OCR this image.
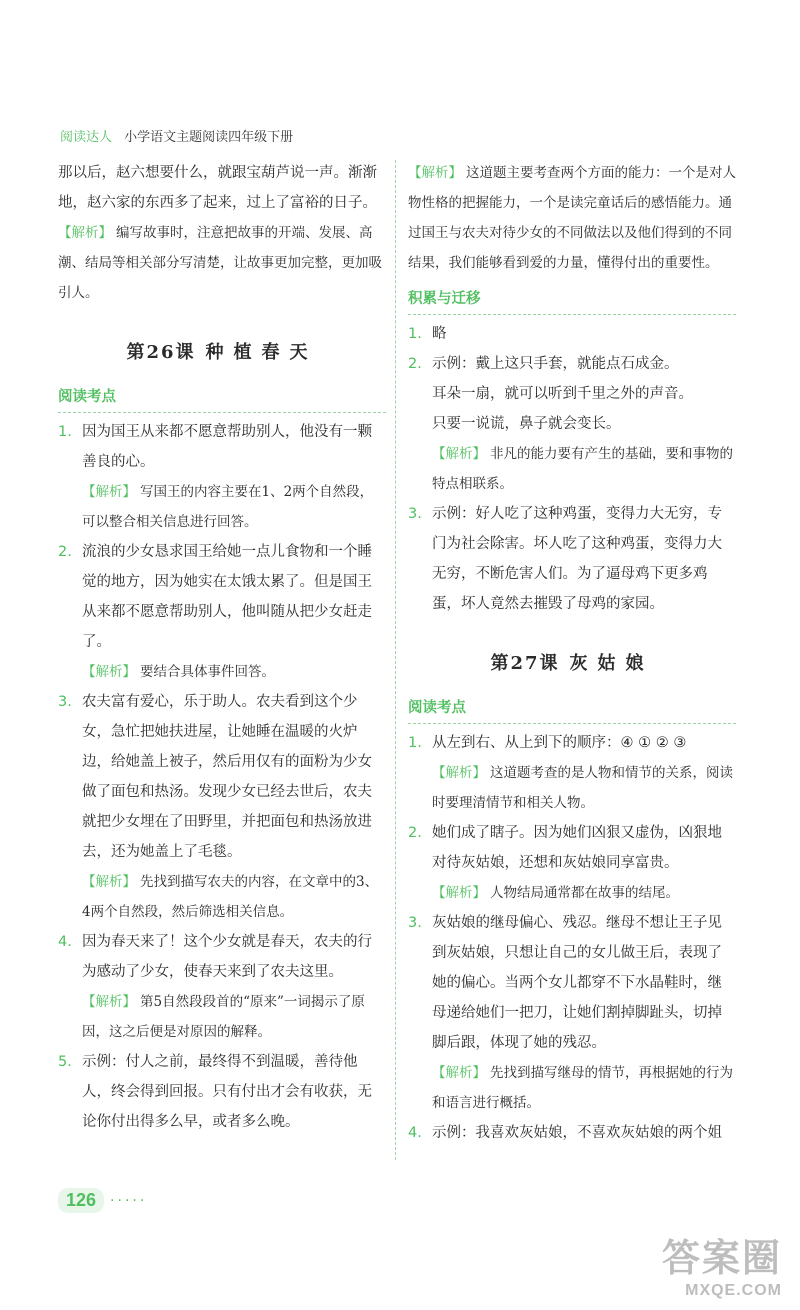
阅读达人 小学语文主题阅读四年级下册

那以后，赵六想要什么，就跟宝葫芦说一声。渐渐地，赵六家的东西多了起来，过上了富裕的日子。

【解析】 编写故事时，注意把故事的开端、发展、高潮、结局等相关部分写清楚，让故事更加完整，更加吸引人。

第26课 种植春天
阅读考点

1. 因为国王从来都不愿意帮助别人，他没有一颗善良的心。

【解析】 写国王的内容主要在1、2两个自然段，可以整合相关信息进行回答。

2. 流浪的少女恳求国王给她一点儿食物和一个睡觉的地方，因为她实在太饿太累了。但是国王从来都不愿意帮助别人，他叫随从把少女赶走了。

【解析】 要结合具体事件回答。

3. 农夫富有爱心，乐于助人。农夫看到这个少女，急忙把她扶进屋，让她睡在温暖的火炉边，给她盖上被子，然后用仅有的面粉为少女做了面包和热汤。发现少女已经去世后，农夫就把少女埋在了田野里，并把面包和热汤放进去，还为她盖上了毛毯。

【解析】 先找到描写农夫的内容，在文章中的3、4两个自然段，然后筛选相关信息。

4. 因为春天来了！这个少女就是春天，农夫的行为感动了少女，使春天来到了农夫这里。

【解析】 第5自然段段首的“原来”一词揭示了原因，这之后便是对原因的解释。

5. 示例：付人之前，最终得不到温暖，善待他人，终会得到回报。只有付出才会有收获，无论你付出得多么早，或者多么晚。

【解析】 这道题主要考查两个方面的能力：一个是对人物性格的把握能力，一个是读完童话后的感悟能力。通过国王与农夫对待少女的不同做法以及他们得到的不同结果，我们能够看到爱的力量，懂得付出的重要性。

积累与迁移

1. 略

2. 示例：戴上这只手套，就能点石成金。

耳朵一扇，就可以听到千里之外的声音。

只要一说谎，鼻子就会变长。

【解析】 非凡的能力要有产生的基础，要和事物的特点相联系。

3. 示例：好人吃了这种鸡蛋，变得力大无穷，专门为社会除害。坏人吃了这种鸡蛋，变得力大无穷，不断危害人们。为了逼母鸡下更多鸡蛋，坏人竟然去摧毁了母鸡的家园。

第27课 灰姑娘
阅读考点

1. 从左到右、从上到下的顺序：④ ① ② ③

【解析】 这道题考查的是人物和情节的关系，阅读时要理清情节和相关人物。

2. 她们成了瞎子。因为她们凶狠又虚伪，凶狠地对待灰姑娘，还想和灰姑娘同享富贵。

【解析】 人物结局通常都在故事的结尾。

3. 灰姑娘的继母偏心、残忍。继母不想让王子见到灰姑娘，只想让自己的女儿做王后，表现了她的偏心。当两个女儿都穿不下水晶鞋时，继母递给她们一把刀，让她们割掉脚趾头，切掉脚后跟，体现了她的残忍。

【解析】 先找到描写继母的情节，再根据她的行为和语言进行概括。

4. 示例：我喜欢灰姑娘，不喜欢灰姑娘的两个姐

126	·····
答案圈
MXQE.COM
